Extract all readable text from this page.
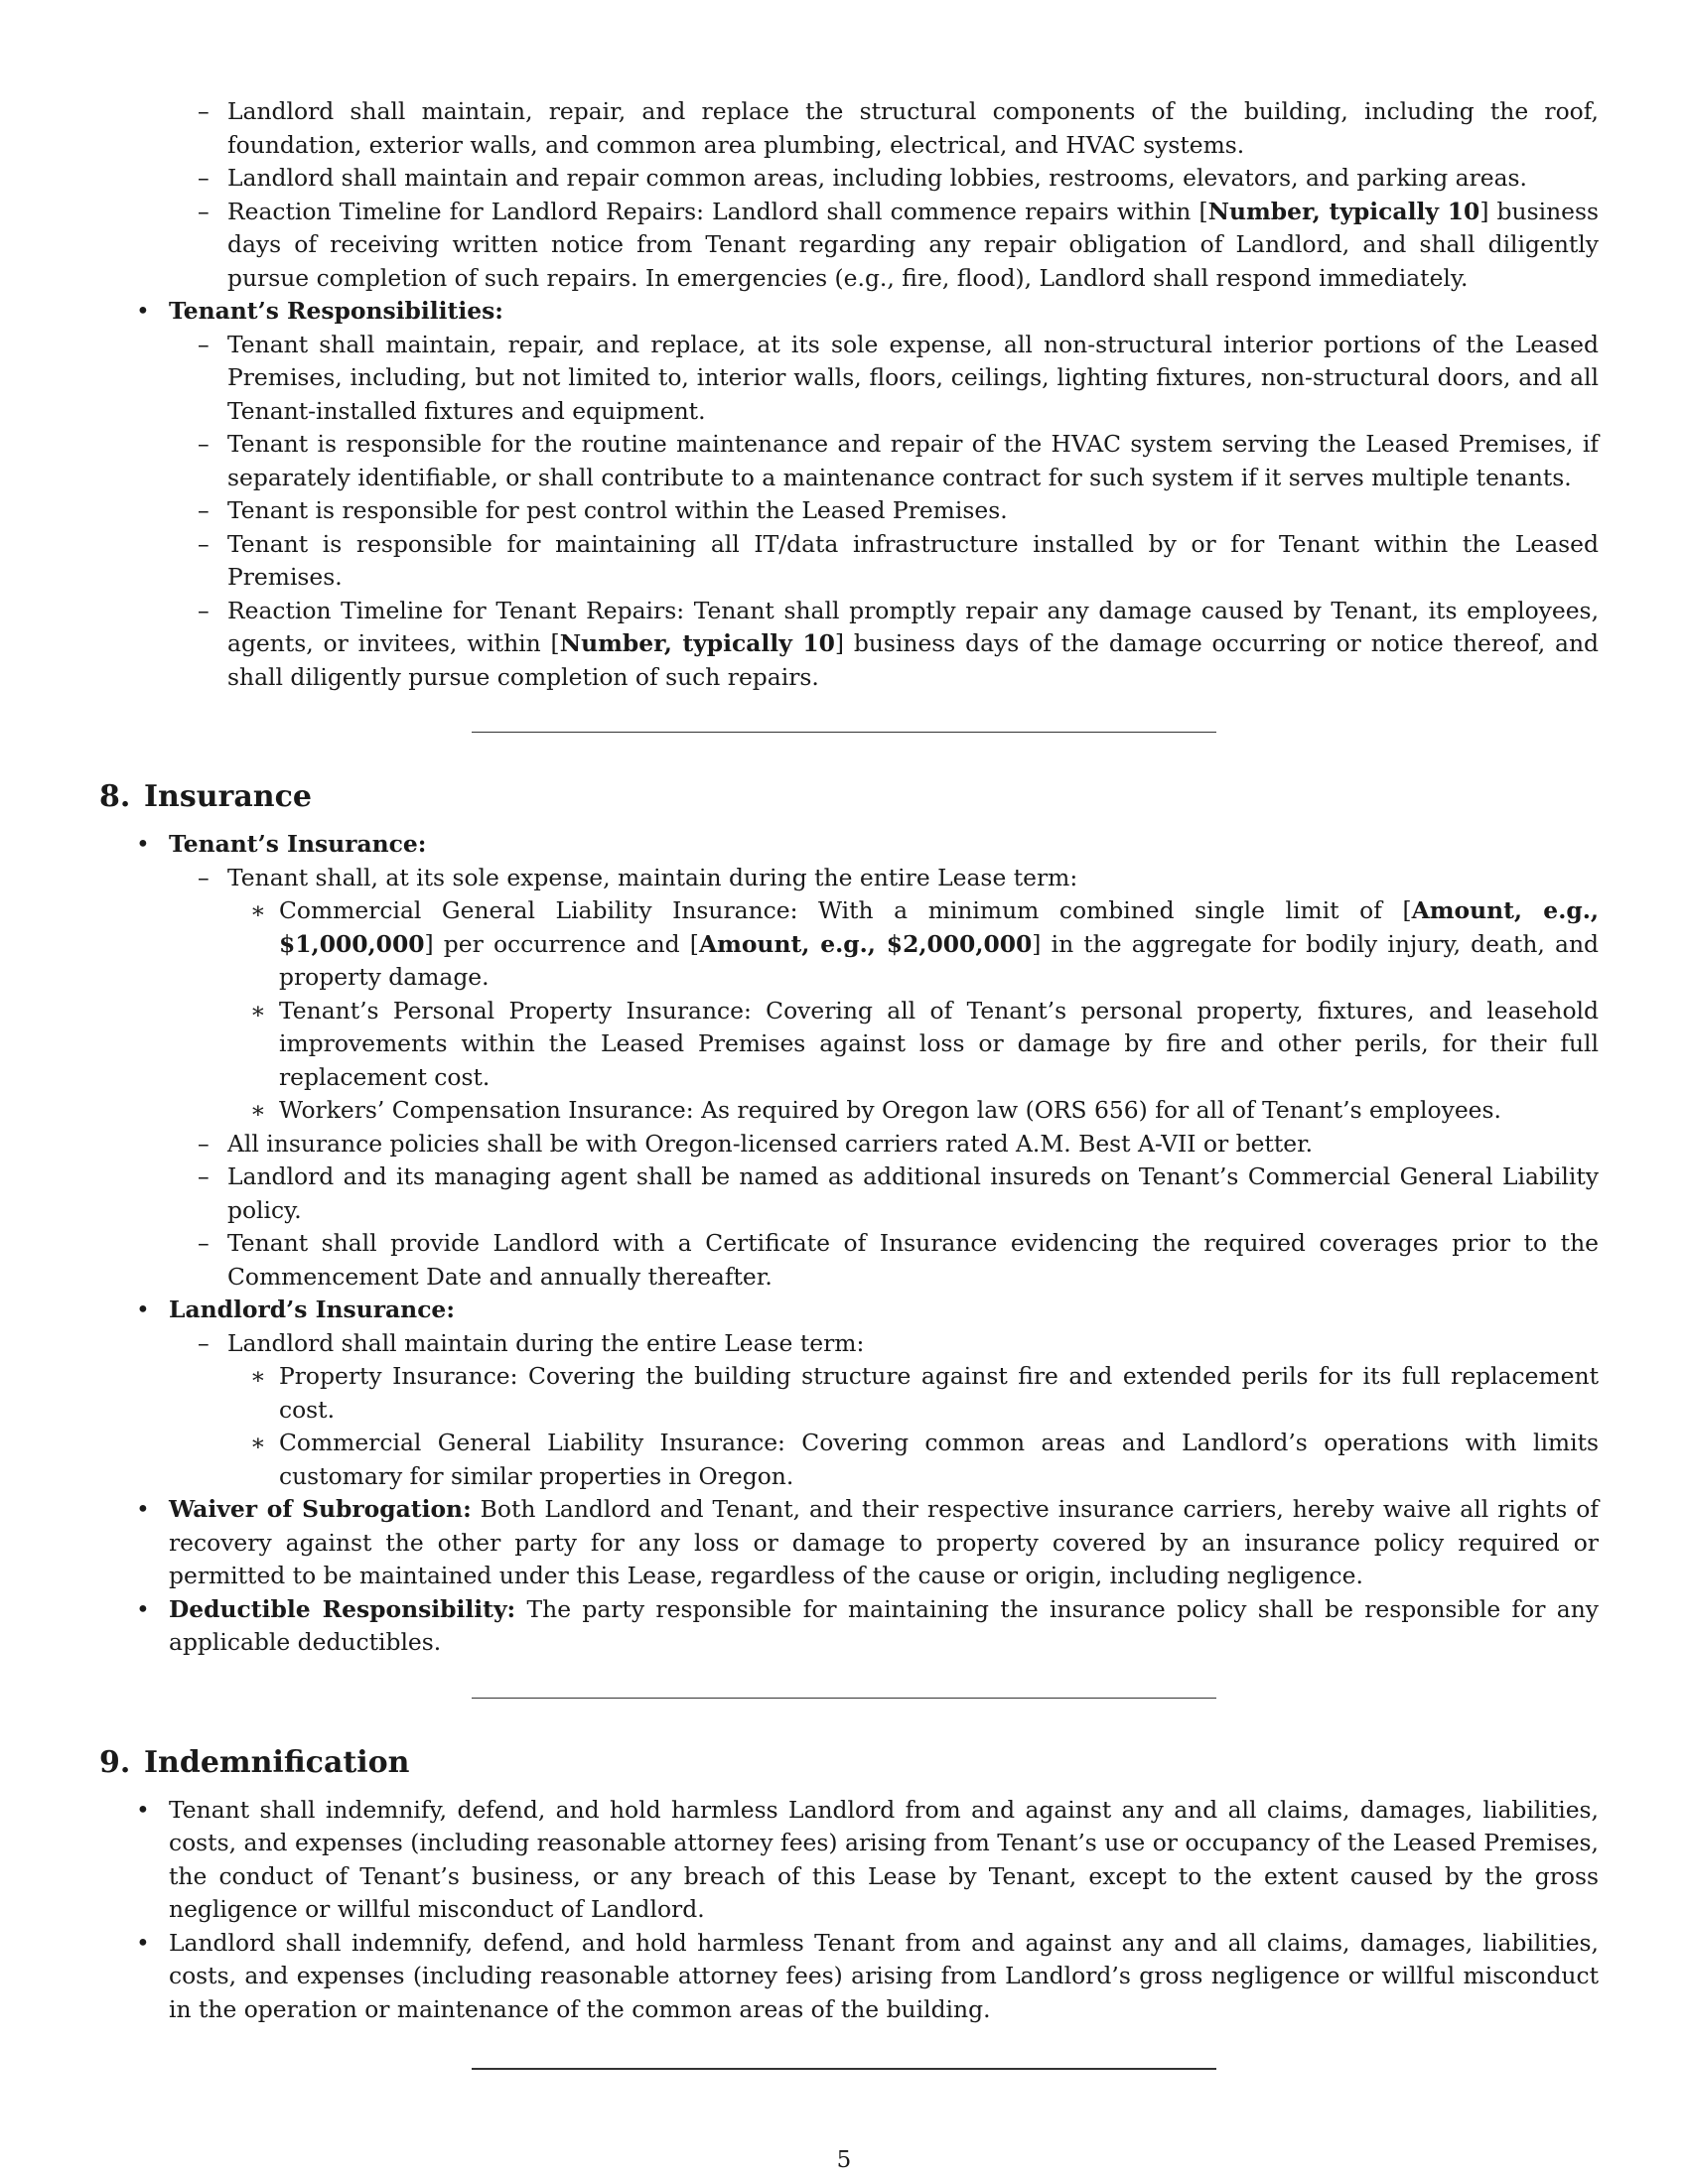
– Landlord shall maintain, repair, and replace the structural components of the building, including the roof, foundation, exterior walls, and common area plumbing, electrical, and HVAC systems.
– Landlord shall maintain and repair common areas, including lobbies, restrooms, elevators, and parking areas.
– Reaction Timeline for Landlord Repairs: Landlord shall commence repairs within [Number, typically 10] business days of receiving written notice from Tenant regarding any repair obligation of Landlord, and shall diligently pursue completion of such repairs. In emergencies (e.g., fire, flood), Landlord shall respond immediately.
• Tenant’s Responsibilities:
– Tenant shall maintain, repair, and replace, at its sole expense, all non-structural interior portions of the Leased Premises, including, but not limited to, interior walls, floors, ceilings, lighting fixtures, non-structural doors, and all Tenant-installed fixtures and equipment.
– Tenant is responsible for the routine maintenance and repair of the HVAC system serving the Leased Premises, if separately identifiable, or shall contribute to a maintenance contract for such system if it serves multiple tenants.
– Tenant is responsible for pest control within the Leased Premises.
– Tenant is responsible for maintaining all IT/data infrastructure installed by or for Tenant within the Leased Premises.
– Reaction Timeline for Tenant Repairs: Tenant shall promptly repair any damage caused by Tenant, its employees, agents, or invitees, within [Number, typically 10] business days of the damage occurring or notice thereof, and shall diligently pursue completion of such repairs.
8. Insurance
• Tenant’s Insurance:
– Tenant shall, at its sole expense, maintain during the entire Lease term:
∗ Commercial General Liability Insurance: With a minimum combined single limit of [Amount, e.g., $1,000,000] per occurrence and [Amount, e.g., $2,000,000] in the aggregate for bodily injury, death, and property damage.
∗ Tenant’s Personal Property Insurance: Covering all of Tenant’s personal property, fixtures, and leasehold improvements within the Leased Premises against loss or damage by fire and other perils, for their full replacement cost.
∗ Workers’ Compensation Insurance: As required by Oregon law (ORS 656) for all of Tenant’s employees.
– All insurance policies shall be with Oregon-licensed carriers rated A.M. Best A-VII or better.
– Landlord and its managing agent shall be named as additional insureds on Tenant’s Commercial General Liability policy.
– Tenant shall provide Landlord with a Certificate of Insurance evidencing the required coverages prior to the Commencement Date and annually thereafter.
• Landlord’s Insurance:
– Landlord shall maintain during the entire Lease term:
∗ Property Insurance: Covering the building structure against fire and extended perils for its full replacement cost.
∗ Commercial General Liability Insurance: Covering common areas and Landlord’s operations with limits customary for similar properties in Oregon.
• Waiver of Subrogation: Both Landlord and Tenant, and their respective insurance carriers, hereby waive all rights of recovery against the other party for any loss or damage to property covered by an insurance policy required or permitted to be maintained under this Lease, regardless of the cause or origin, including negligence.
• Deductible Responsibility: The party responsible for maintaining the insurance policy shall be responsible for any applicable deductibles.
9. Indemnification
• Tenant shall indemnify, defend, and hold harmless Landlord from and against any and all claims, damages, liabilities, costs, and expenses (including reasonable attorney fees) arising from Tenant’s use or occupancy of the Leased Premises, the conduct of Tenant’s business, or any breach of this Lease by Tenant, except to the extent caused by the gross negligence or willful misconduct of Landlord.
• Landlord shall indemnify, defend, and hold harmless Tenant from and against any and all claims, damages, liabilities, costs, and expenses (including reasonable attorney fees) arising from Landlord’s gross negligence or willful misconduct in the operation or maintenance of the common areas of the building.
5
